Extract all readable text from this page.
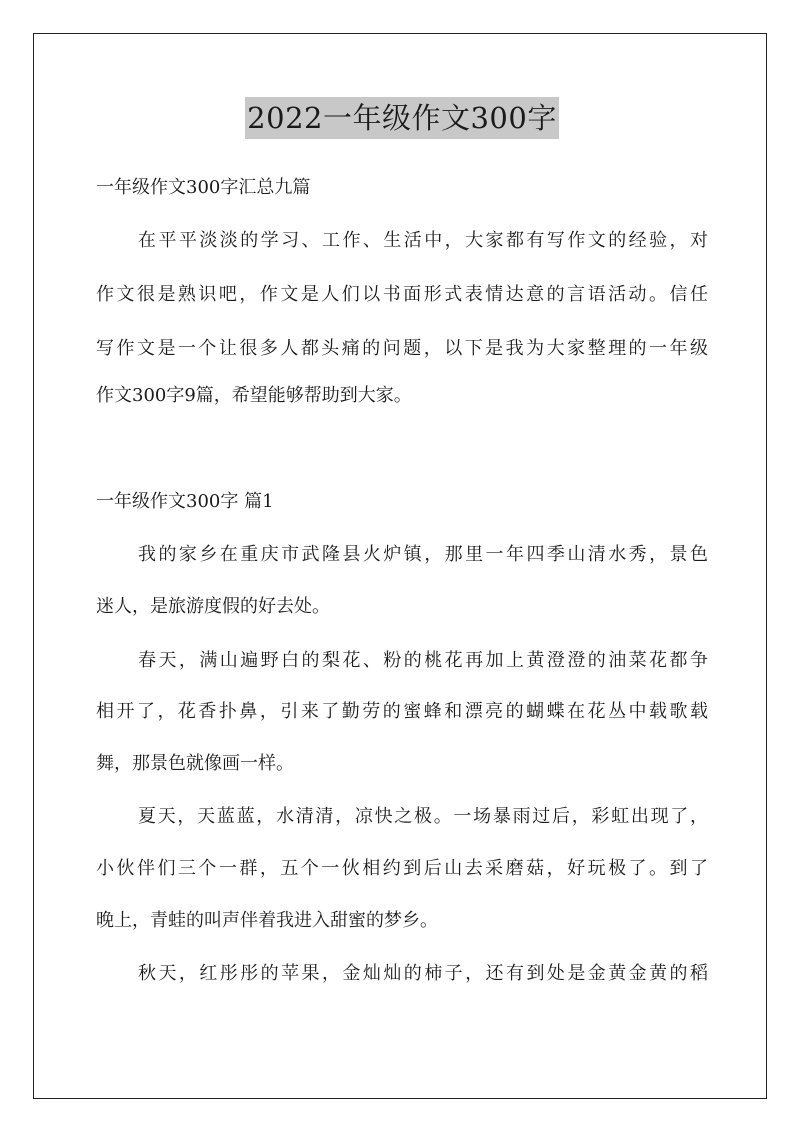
2022一年级作文300字
一年级作文300字汇总九篇
在平平淡淡的学习、工作、生活中，大家都有写作文的经验，对
作文很是熟识吧，作文是人们以书面形式表情达意的言语活动。信任
写作文是一个让很多人都头痛的问题，以下是我为大家整理的一年级
作文300字9篇，希望能够帮助到大家。
一年级作文300字 篇1
我的家乡在重庆市武隆县火炉镇，那里一年四季山清水秀，景色
迷人，是旅游度假的好去处。
春天，满山遍野白的梨花、粉的桃花再加上黄澄澄的油菜花都争
相开了，花香扑鼻，引来了勤劳的蜜蜂和漂亮的蝴蝶在花丛中载歌载
舞，那景色就像画一样。
夏天，天蓝蓝，水清清，凉快之极。一场暴雨过后，彩虹出现了，
小伙伴们三个一群，五个一伙相约到后山去采磨菇，好玩极了。到了
晚上，青蛙的叫声伴着我进入甜蜜的梦乡。
秋天，红彤彤的苹果，金灿灿的柿子，还有到处是金黄金黄的稻
